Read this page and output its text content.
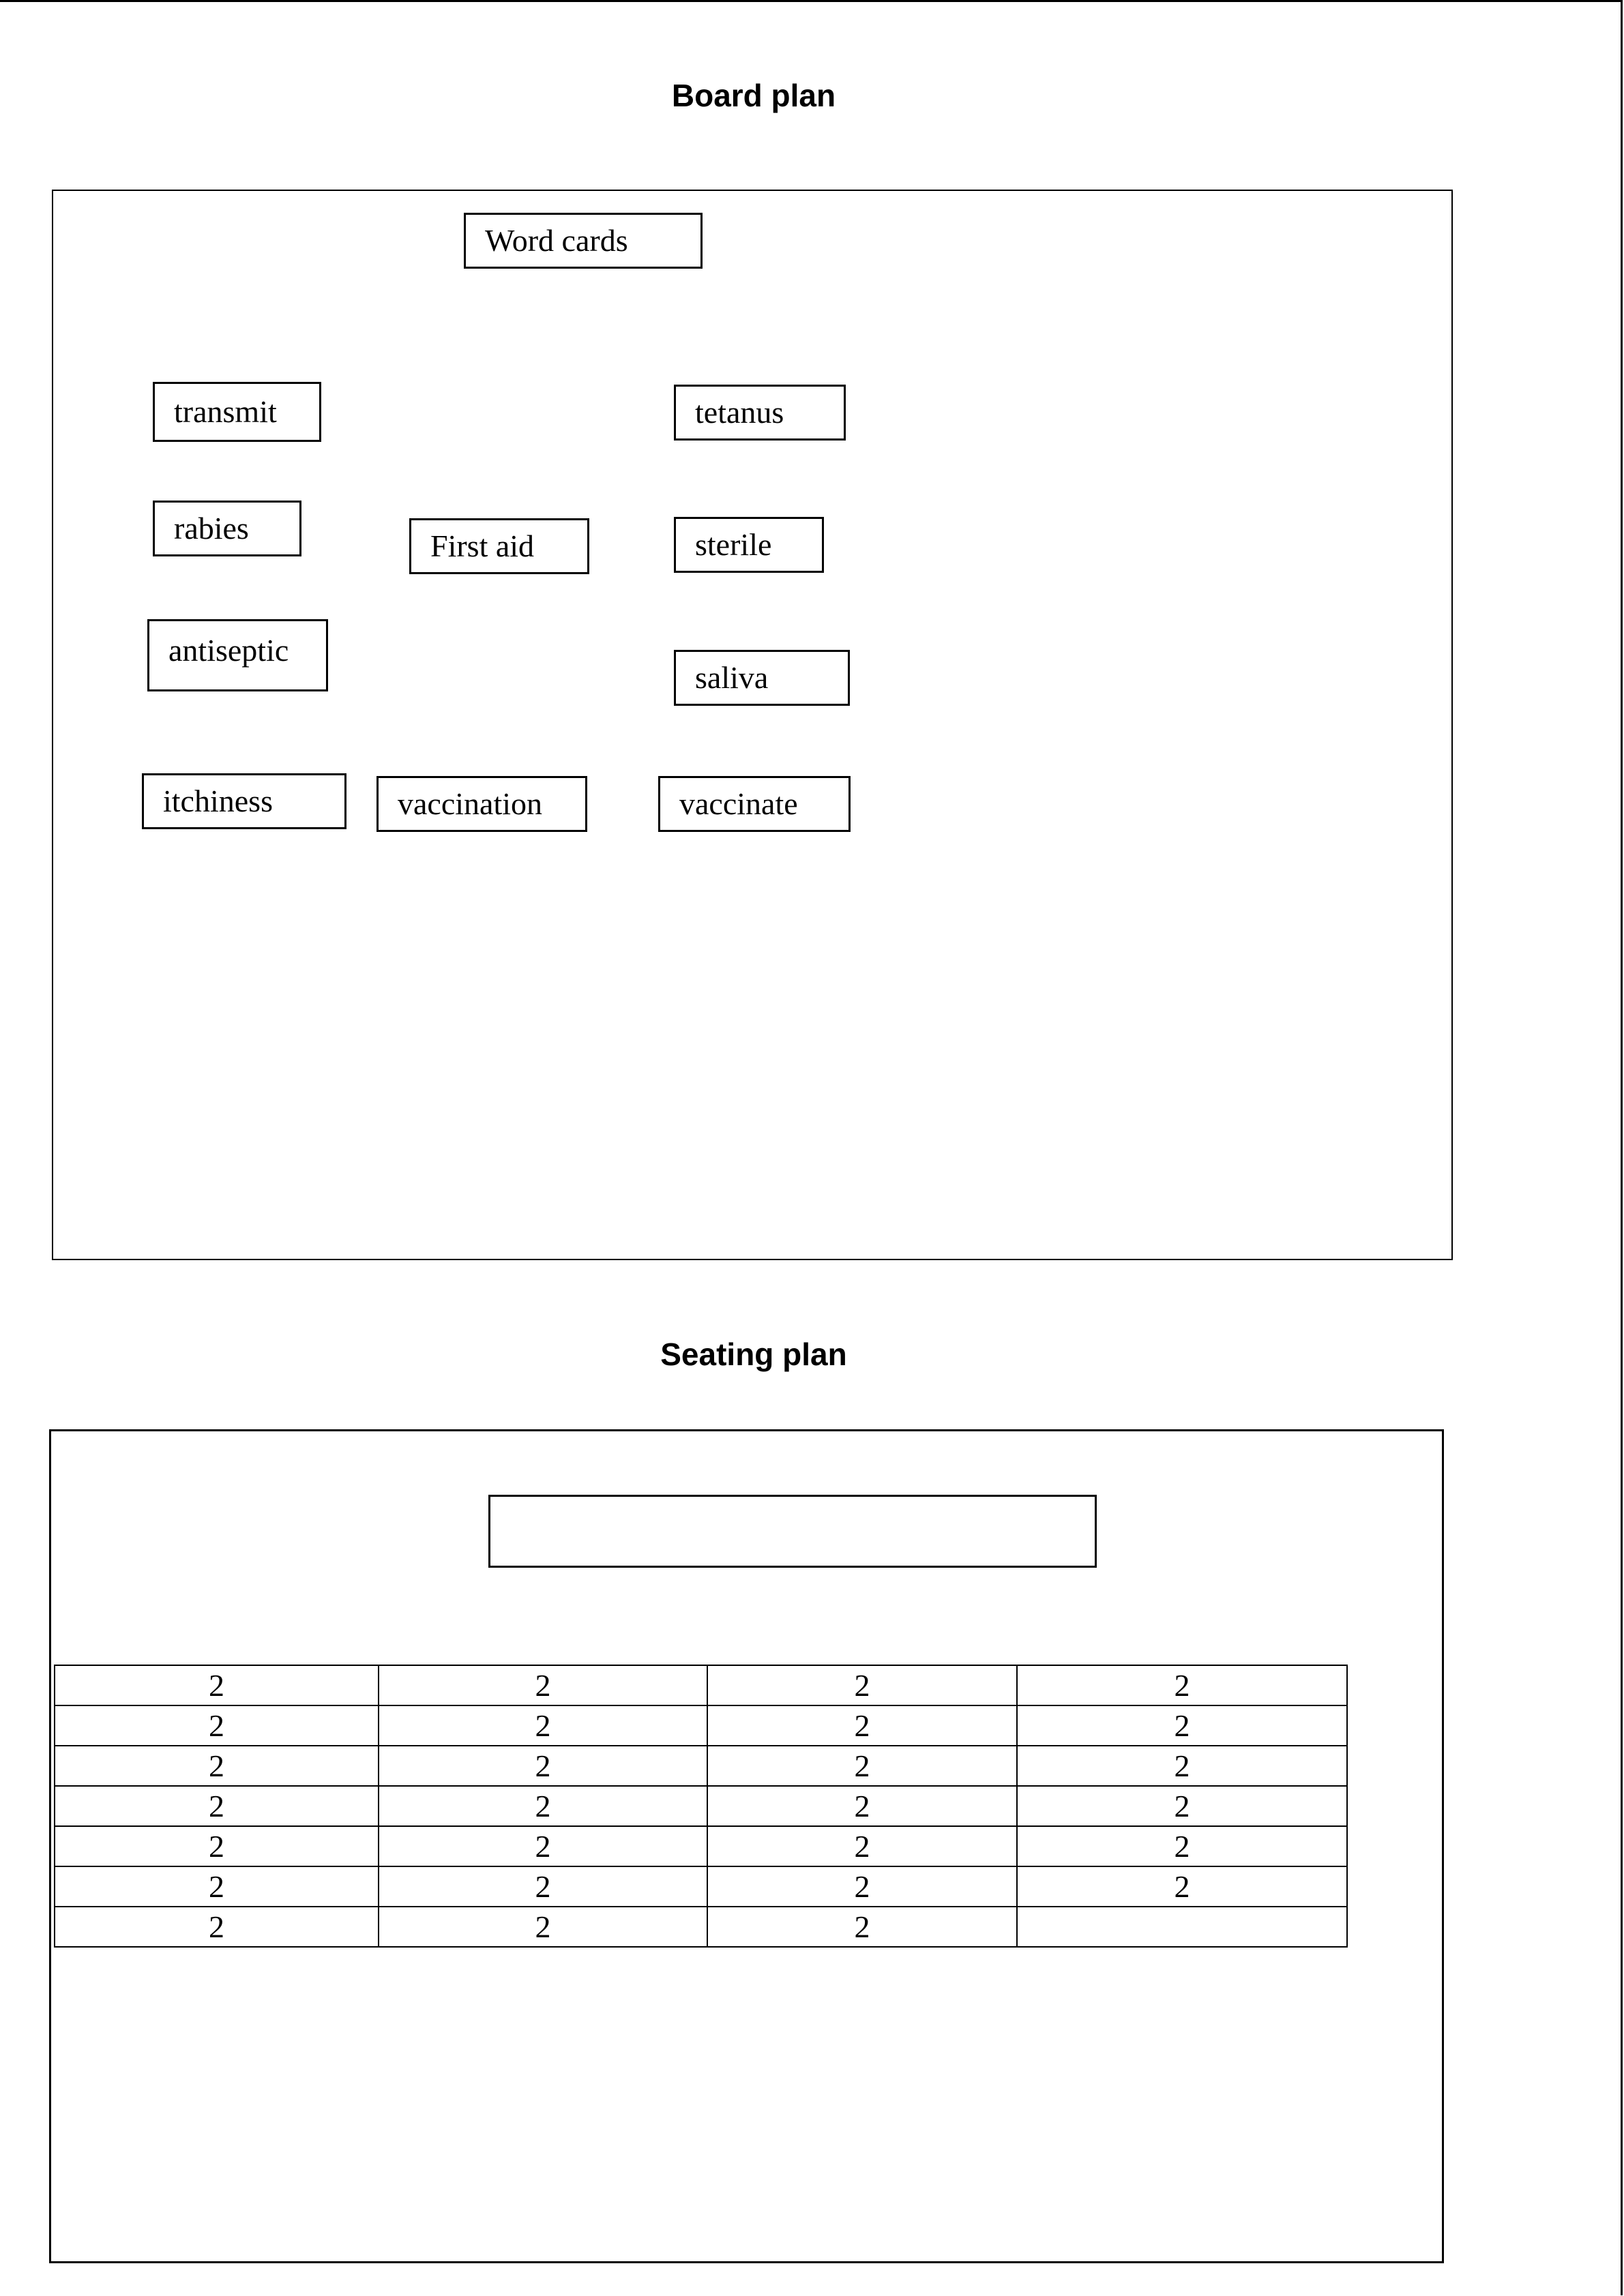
Board plan
Word cards
transmit	tetanus
rabies
First aid	sterile
antiseptic
saliva
itchiness	vaccination	vaccinate
Seating plan
2	2	2	2
2	2	2	2
2	2	2	2
2	2	2	2
2	2	2	2
2	2	2	2
2	2	2	
